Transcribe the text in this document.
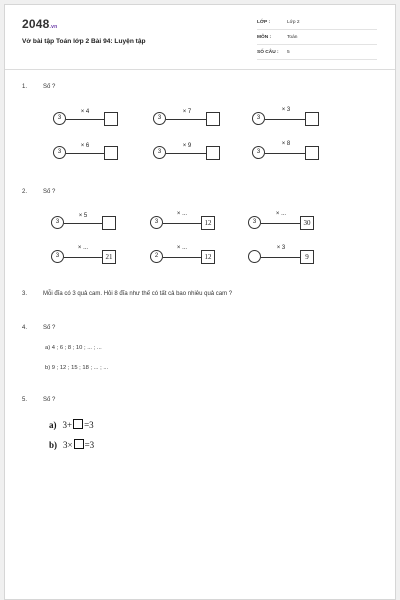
2048.vn
Vở bài tập Toán lớp 2 Bài 94: Luyện tập
LỚP :	Lớp 2
MÔN :	Toán
SỐ CÂU : 5
1.	Số ?
3
× 4
3
× 7
3
× 3
3
× 6
3
× 9
3
× 8
2.	Số ?
3
× 5
3
× ...
12	3
× ...
30
3
× ...
21	2
× ...
12
× 3
9
3.	Mỗi đĩa có 3 quả cam. Hỏi 8 đĩa như thế có tất cả bao nhiêu quả cam ?
4.	Số ?
a) 4 ; 6 ; 8 ; 10 ; ... ; ...
b) 9 ; 12 ; 15 ; 18 ; ... ; ...
5.	Số ?
a) 3+ =3
b) 3× =3
